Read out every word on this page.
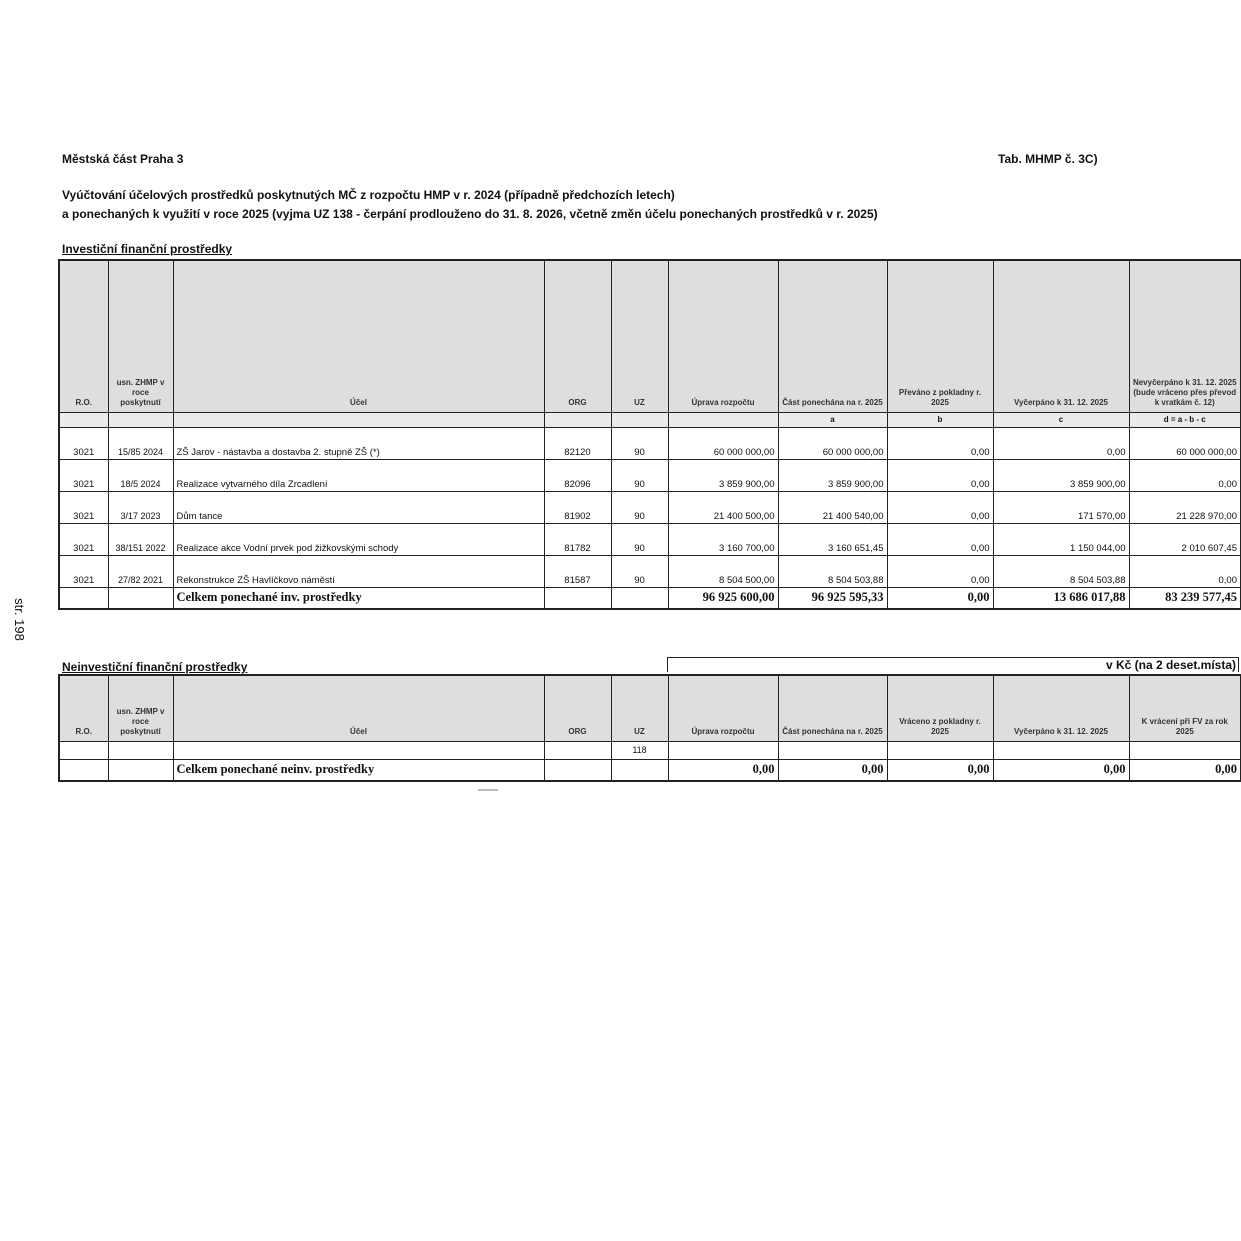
Městská část Praha 3	Tab. MHMP č. 3C)
Vyúčtování účelových prostředků poskytnutých MČ z rozpočtu HMP v r. 2024 (případně předchozích letech)
a ponechaných k využití v roce 2025 (vyjma UZ 138 - čerpání prodlouženo do 31. 8. 2026, včetně změn účelu ponechaných prostředků v r. 2025)
str. 198
Investiční finanční prostředky
R.O.	usn. ZHMP v roce poskytnutí	Účel	ORG	UZ	Úprava rozpočtu	Část ponechána na r. 2025	Převáno z pokladny r. 2025	Vyčerpáno k 31. 12. 2025	Nevyčerpáno k 31. 12. 2025 (bude vráceno přes převod k vratkám č. 12)
						a	b	c	d = a - b - c
3021	15/85 2024	ZŠ Jarov - nástavba a dostavba 2. stupně ZŠ (*)	82120	90	60 000 000,00	60 000 000,00	0,00	0,00	60 000 000,00
3021	18/5 2024	Realizace vytvarného díla Zrcadlení	82096	90	3 859 900,00	3 859 900,00	0,00	3 859 900,00	0,00
3021	3/17 2023	Dům tance	81902	90	21 400 500,00	21 400 540,00	0,00	171 570,00	21 228 970,00
3021	38/151 2022	Realizace akce Vodní prvek pod žižkovskými schody	81782	90	3 160 700,00	3 160 651,45	0,00	1 150 044,00	2 010 607,45
3021	27/82 2021	Rekonstrukce ZŠ Havlíčkovo náměstí	81587	90	8 504 500,00	8 504 503,88	0,00	8 504 503,88	0,00
		Celkem ponechané inv. prostředky			96 925 600,00	96 925 595,33	0,00	13 686 017,88	83 239 577,45
Neinvestiční finanční prostředky	v Kč (na 2 deset.místa)
R.O.	usn. ZHMP v roce poskytnutí	Účel	ORG	UZ	Úprava rozpočtu	Část ponechána na r. 2025	Vráceno z pokladny r. 2025	Vyčerpáno k 31. 12. 2025	K vrácení při FV za rok 2025
				118					
		Celkem ponechané neinv. prostředky			0,00	0,00	0,00	0,00	0,00
